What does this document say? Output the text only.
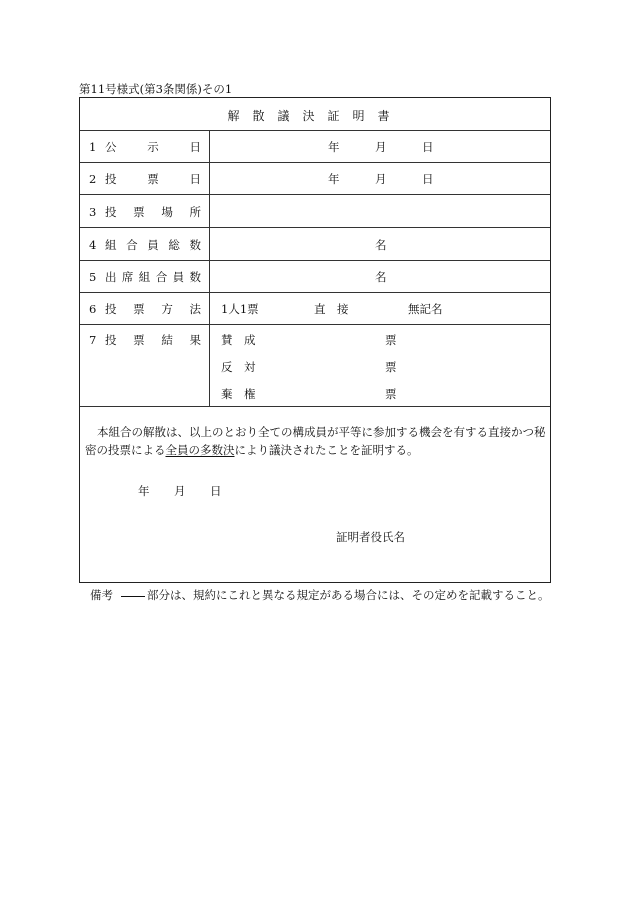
第11号様式(第3条関係)その1
解散議決証明書
1 公示日	年	月	日
2 投票日	年	月	日
3 投票場所
4 組合員総数	名
5 出席組合員数	名
6 投票方法 1人1票	直　接	無記名
7 投票結果 賛　成	票
反　対	票
棄　権	票
本組合の解散は、以上のとおり全ての構成員が平等に参加する機会を有する直接かつ秘密の投票による全員の多数決により議決されたことを証明する。
年 月 日
証明者役氏名
備考	部分は、規約にこれと異なる規定がある場合には、その定めを記載すること。
